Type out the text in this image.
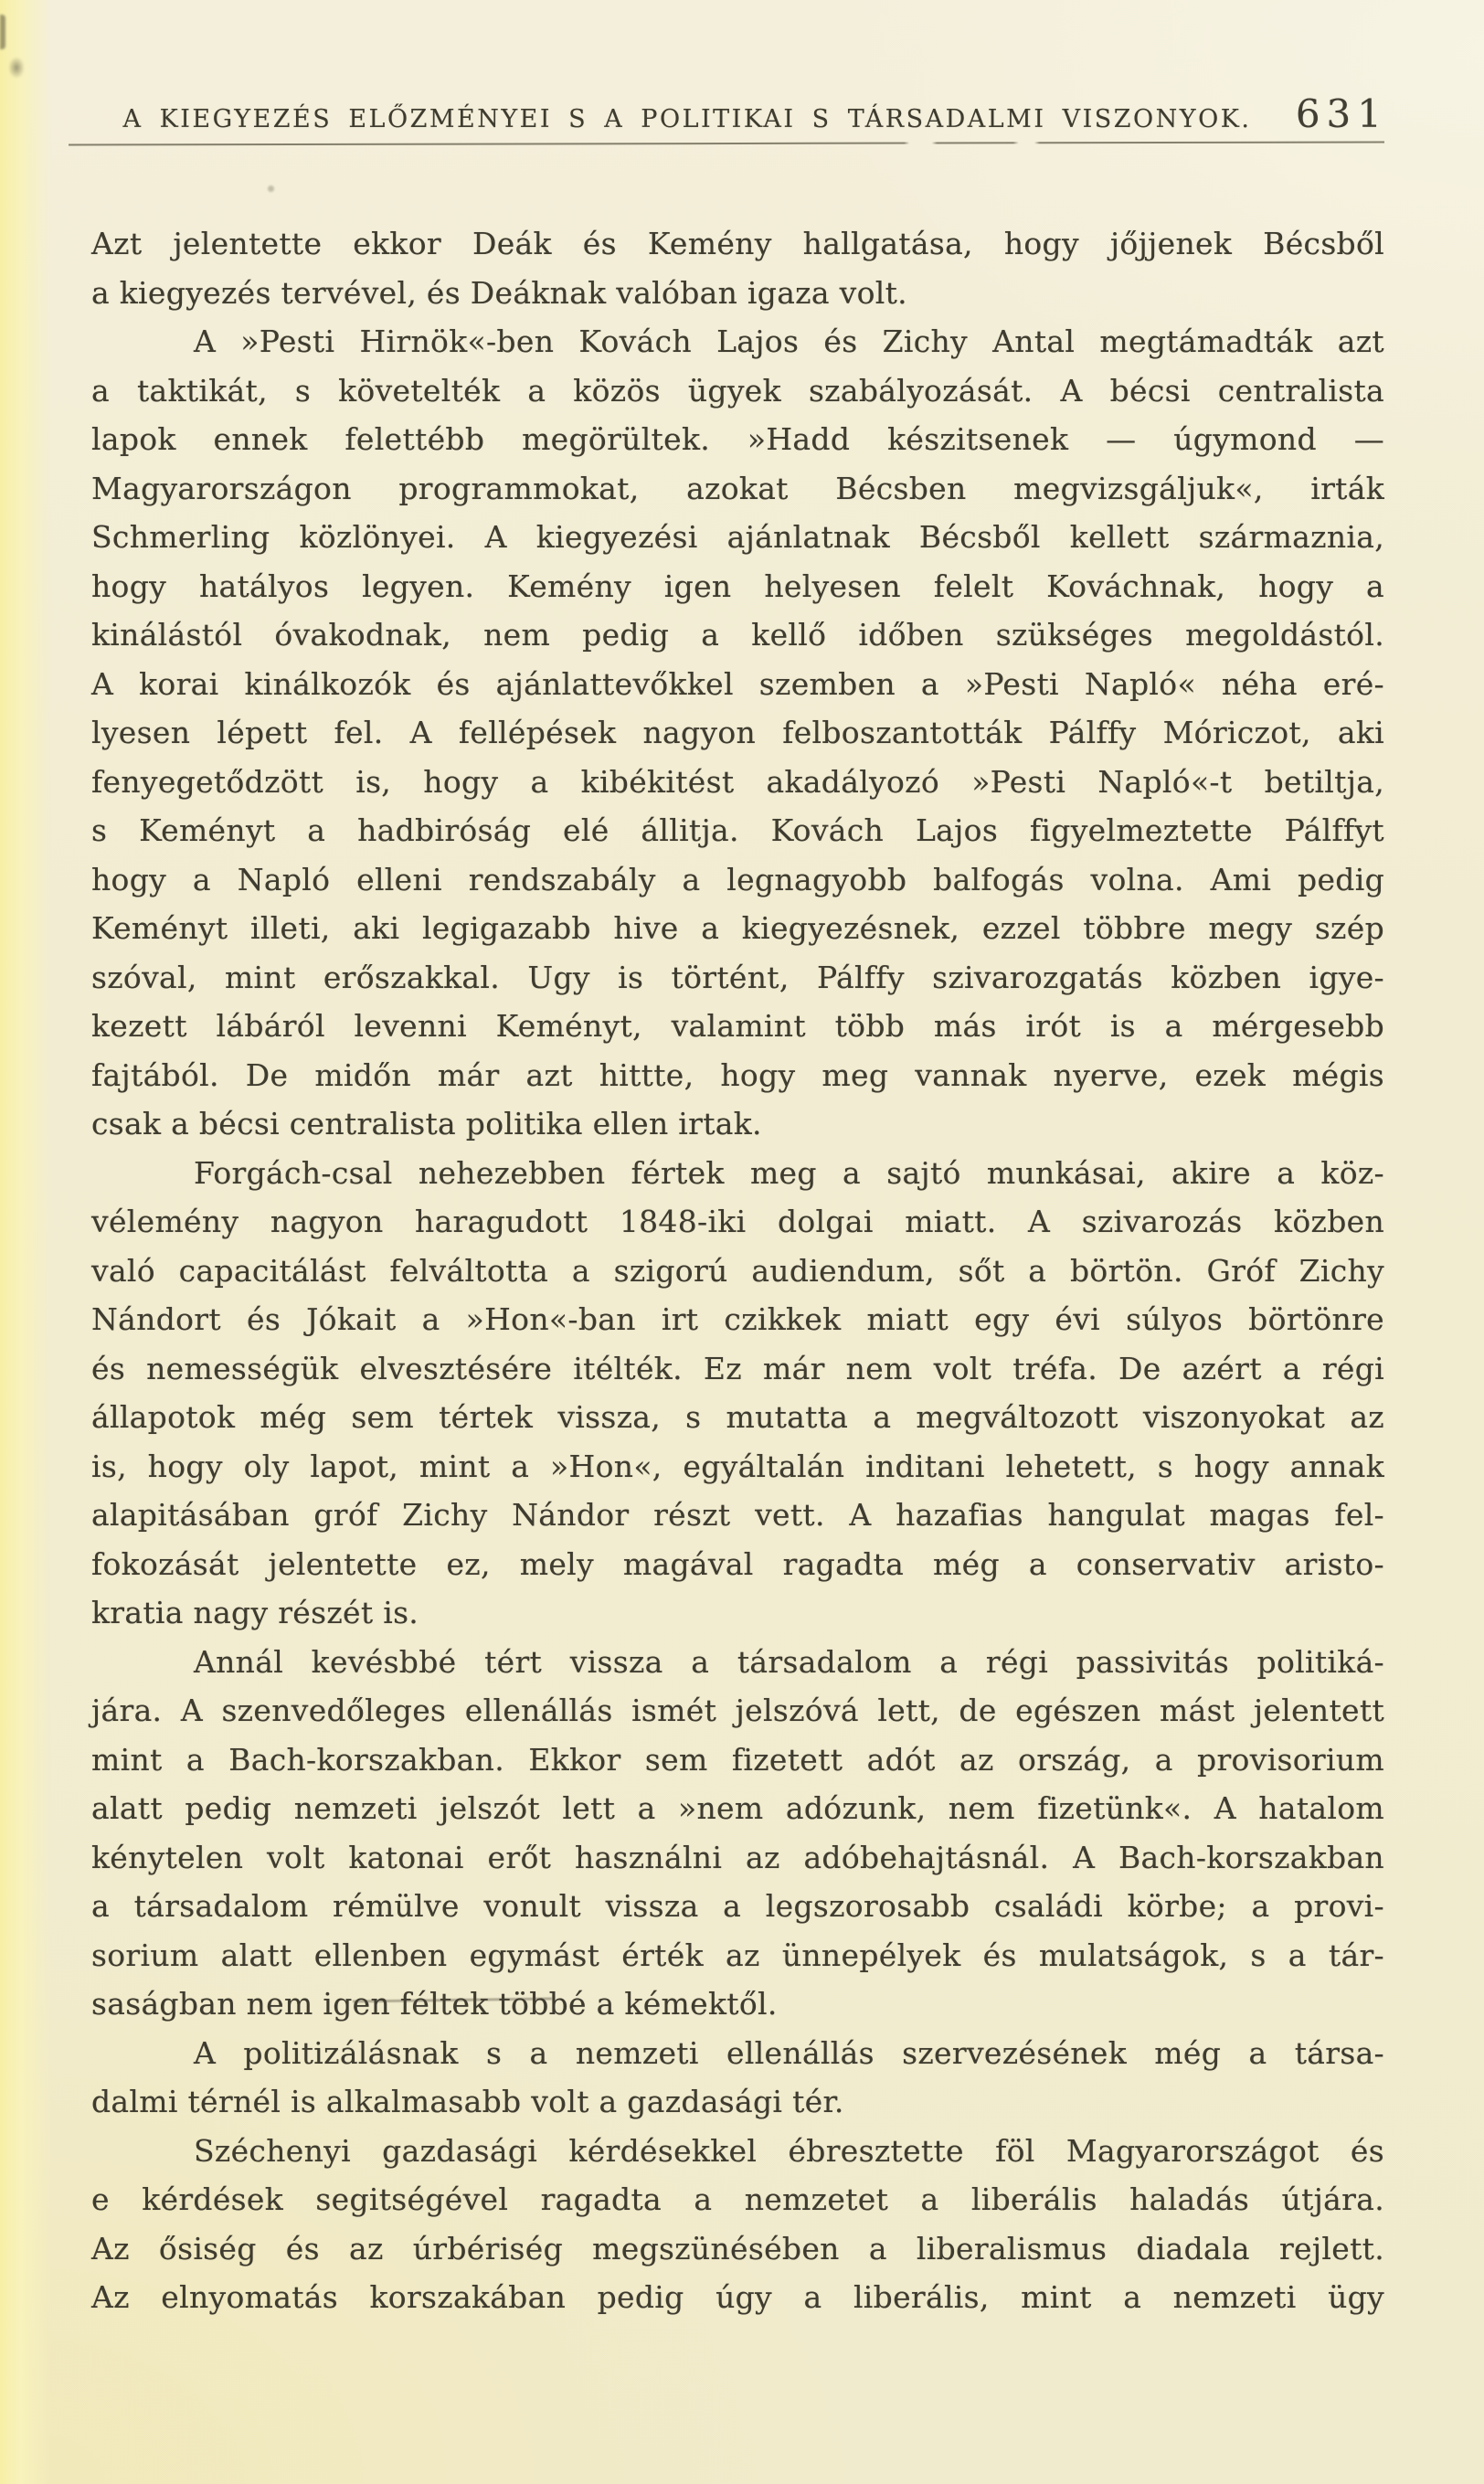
A KIEGYEZÉS ELŐZMÉNYEI S A POLITIKAI S TÁRSADALMI VISZONYOK.	631
Azt jelentette ekkor Deák és Kemény hallgatása, hogy jőjjenek Bécsből
a kiegyezés tervével, és Deáknak valóban igaza volt.
A »Pesti Hirnök«-ben Kovách Lajos és Zichy Antal megtámadták azt
a taktikát, s követelték a közös ügyek szabályozását. A bécsi centralista
lapok ennek felettébb megörültek. »Hadd készitsenek — úgymond —
Magyarországon programmokat, azokat Bécsben megvizsgáljuk«, irták
Schmerling közlönyei. A kiegyezési ajánlatnak Bécsből kellett származnia,
hogy hatályos legyen. Kemény igen helyesen felelt Kováchnak, hogy a
kinálástól óvakodnak, nem pedig a kellő időben szükséges megoldástól.
A korai kinálkozók és ajánlattevőkkel szemben a »Pesti Napló« néha eré-
lyesen lépett fel. A fellépések nagyon felboszantották Pálffy Móriczot, aki
fenyegetődzött is, hogy a kibékitést akadályozó »Pesti Napló«-t betiltja,
s Keményt a hadbiróság elé állitja. Kovách Lajos figyelmeztette Pálffyt
hogy a Napló elleni rendszabály a legnagyobb balfogás volna. Ami pedig
Keményt illeti, aki legigazabb hive a kiegyezésnek, ezzel többre megy szép
szóval, mint erőszakkal. Ugy is történt, Pálffy szivarozgatás közben igye-
kezett lábáról levenni Keményt, valamint több más irót is a mérgesebb
fajtából. De midőn már azt hittte, hogy meg vannak nyerve, ezek mégis
csak a bécsi centralista politika ellen irtak.
Forgách-csal nehezebben fértek meg a sajtó munkásai, akire a köz-
vélemény nagyon haragudott 1848-iki dolgai miatt. A szivarozás közben
való capacitálást felváltotta a szigorú audiendum, sőt a börtön. Gróf Zichy
Nándort és Jókait a »Hon«-ban irt czikkek miatt egy évi súlyos börtönre
és nemességük elvesztésére itélték. Ez már nem volt tréfa. De azért a régi
állapotok még sem tértek vissza, s mutatta a megváltozott viszonyokat az
is, hogy oly lapot, mint a »Hon«, egyáltalán inditani lehetett, s hogy annak
alapitásában gróf Zichy Nándor részt vett. A hazafias hangulat magas fel-
fokozását jelentette ez, mely magával ragadta még a conservativ aristo-
kratia nagy részét is.
Annál kevésbbé tért vissza a társadalom a régi passivitás politiká-
jára. A szenvedőleges ellenállás ismét jelszóvá lett, de egészen mást jelentett
mint a Bach-korszakban. Ekkor sem fizetett adót az ország, a provisorium
alatt pedig nemzeti jelszót lett a »nem adózunk, nem fizetünk«. A hatalom
kénytelen volt katonai erőt használni az adóbehajtásnál. A Bach-korszakban
a társadalom rémülve vonult vissza a legszorosabb családi körbe; a provi-
sorium alatt ellenben egymást érték az ünnepélyek és mulatságok, s a tár-
saságban nem igen féltek többé a kémektől.
A politizálásnak s a nemzeti ellenállás szervezésének még a társa-
dalmi térnél is alkalmasabb volt a gazdasági tér.
Széchenyi gazdasági kérdésekkel ébresztette föl Magyarországot és
e kérdések segitségével ragadta a nemzetet a liberális haladás útjára.
Az ősiség és az úrbériség megszünésében a liberalismus diadala rejlett.
Az elnyomatás korszakában pedig úgy a liberális, mint a nemzeti ügy
